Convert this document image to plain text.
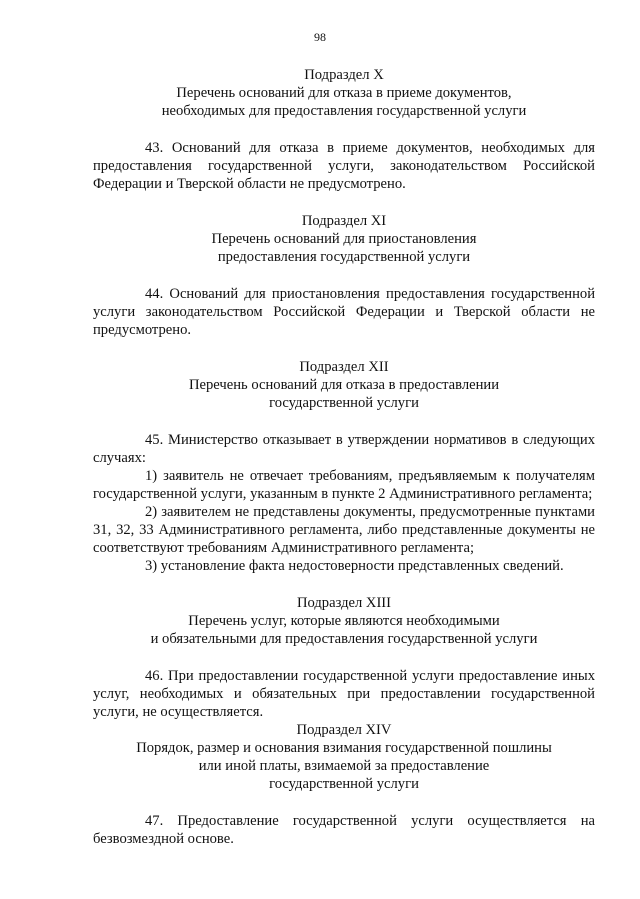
98
Подраздел X
Перечень оснований для отказа в приеме документов,
необходимых для предоставления государственной услуги

43. Оснований для отказа в приеме документов, необходимых для предоставления государственной услуги, законодательством Российской Федерации и Тверской области не предусмотрено.

Подраздел XI
Перечень оснований для приостановления
предоставления государственной услуги

44. Оснований для приостановления предоставления государственной услуги законодательством Российской Федерации и Тверской области не предусмотрено.

Подраздел XII
Перечень оснований для отказа в предоставлении
государственной услуги

45. Министерство отказывает в утверждении нормативов в следующих случаях:

1) заявитель не отвечает требованиям, предъявляемым к получателям государственной услуги, указанным в пункте 2 Административного регламента;

2) заявителем не представлены документы, предусмотренные пунктами 31, 32, 33 Административного регламента, либо представленные документы не соответствуют требованиям Административного регламента;

3) установление факта недостоверности представленных сведений.

Подраздел XIII
Перечень услуг, которые являются необходимыми
и обязательными для предоставления государственной услуги

46. При предоставлении государственной услуги предоставление иных услуг, необходимых и обязательных при предоставлении государственной услуги, не осуществляется.

Подраздел XIV
Порядок, размер и основания взимания государственной пошлины
или иной платы, взимаемой за предоставление
государственной услуги

47. Предоставление государственной услуги осуществляется на безвозмездной основе.
